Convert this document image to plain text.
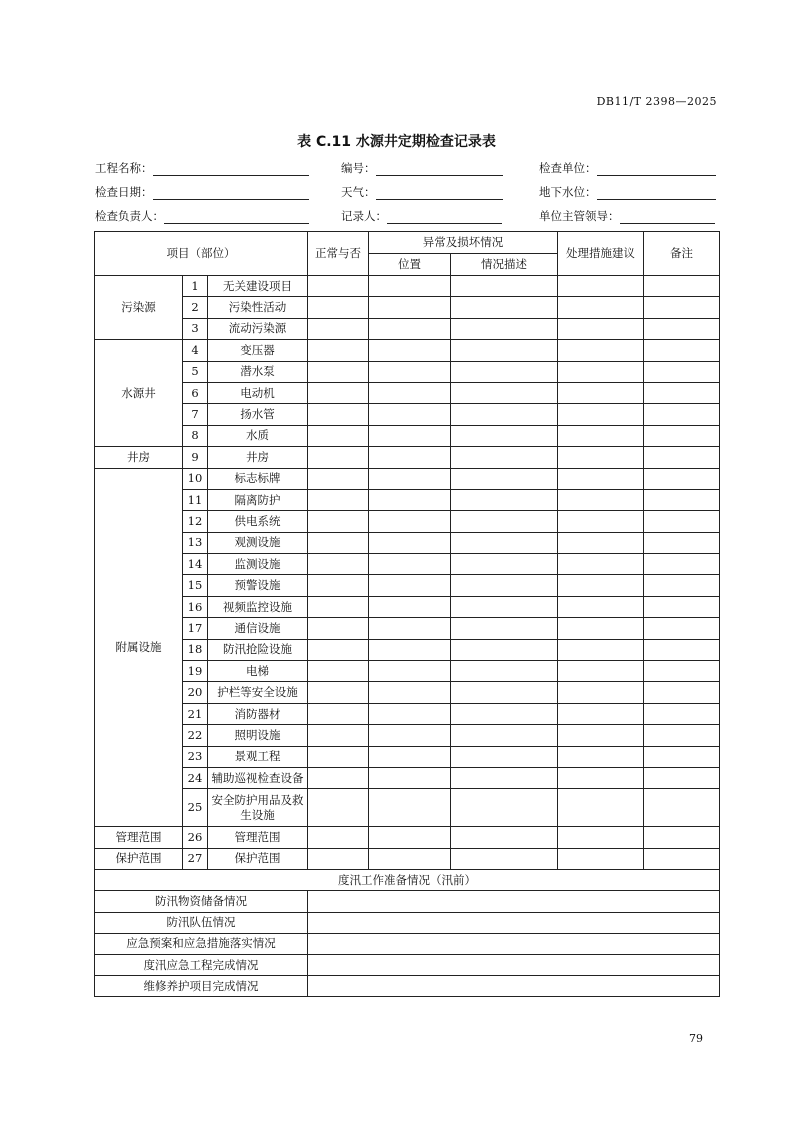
DB11/T 2398—2025
表 C.11 水源井定期检查记录表
工程名称：	编号：	检查单位：
检查日期：	天气：	地下水位：
检查负责人：	记录人：	单位主管领导：
项目（部位）			正常与否	异常及损坏情况		处理措施建议	备注
				位置	情况描述		
污染源	1	无关建设项目					
	2	污染性活动					
	3	流动污染源					
水源井	4	变压器					
	5	潜水泵					
	6	电动机					
	7	扬水管					
	8	水质					
井房	9	井房					
附属设施	10	标志标牌					
	11	隔离防护					
	12	供电系统					
	13	观测设施					
	14	监测设施					
	15	预警设施					
	16	视频监控设施					
	17	通信设施					
	18	防汛抢险设施					
	19	电梯					
	20	护栏等安全设施					
	21	消防器材					
	22	照明设施					
	23	景观工程					
	24	辅助巡视检查设备					
	25	安全防护用品及救生设施					
管理范围	26	管理范围					
保护范围	27	保护范围					
度汛工作准备情况（汛前）							
防汛物资储备情况							
防汛队伍情况							
应急预案和应急措施落实情况							
度汛应急工程完成情况							
维修养护项目完成情况							
79
